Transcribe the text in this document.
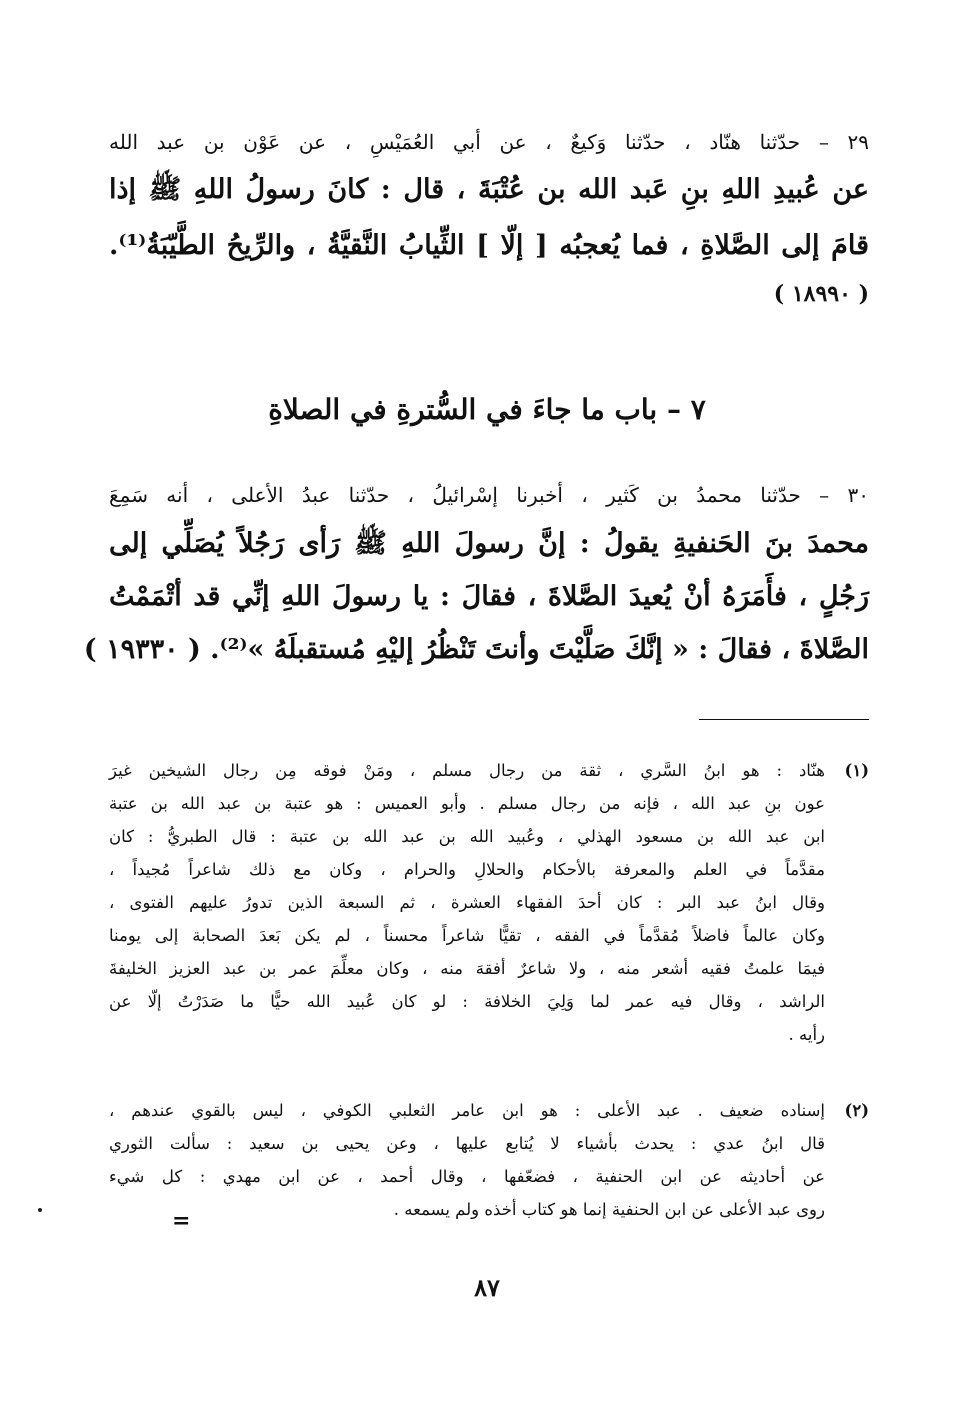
٢٩ – حدّثنا هنّاد ، حدّثنا وَكيعٌ ، عن أبي العُمَيْسِ ، عن عَوْن بن عبد الله
عن عُبيدِ اللهِ بنِ عَبد الله بن عُتْبَةَ ، قال : كانَ رسولُ اللهِ ﷺ إذا
قامَ إلى الصَّلاةِ ، فما يُعجبُه [ إلّا ] الثِّيابُ النَّقيَّةُ ، والرِّيحُ الطَّيّبَةُ⁽¹⁾.
( ١٨٩٩٠ )
٧ – باب ما جاءَ في السُّترةِ في الصلاةِ
٣٠ – حدّثنا محمدُ بن كَثير ، أخبرنا إسْرائيلُ ، حدّثنا عبدُ الأعلى ، أنه سَمِعَ
محمدَ بنَ الحَنفيةِ يقولُ : إنَّ رسولَ اللهِ ﷺ رَأى رَجُلاً يُصَلِّي إلى
رَجُلٍ ، فأَمَرَهُ أنْ يُعيدَ الصَّلاةَ ، فقالَ : يا رسولَ اللهِ إنِّي قد أتْمَمْتُ
الصَّلاةَ ، فقالَ : « إنَّكَ صَلَّيْتَ وأنتَ تَنْظُرُ إليْهِ مُستقبلَهُ »⁽²⁾. ( ١٩٣٣٠ )
(١)
هنّاد : هو ابنُ السَّري ، ثقة من رجال مسلم ، ومَنْ فوقه مِن رجال الشيخين غيرَ
عون بنِ عبد الله ، فإنه من رجال مسلم . وأبو العميس : هو عتبة بن عبد الله بن عتبة
ابن عبد الله بن مسعود الهذلي ، وعُبيد الله بن عبد الله بن عتبة : قال الطبريُّ : كان
مقدَّماً في العلم والمعرفة بالأحكام والحلالِ والحرام ، وكان مع ذلك شاعراً مُجيداً ،
وقال ابنُ عبد البر : كان أحدَ الفقهاء العشرة ، ثم السبعة الذين تدورُ عليهم الفتوى ،
وكان عالماً فاضلاً مُقدَّماً في الفقه ، تقيًّا شاعراً محسناً ، لم يكن بَعدَ الصحابة إلى يومنا
فيمَا علمتُ فقيه أشعر منه ، ولا شاعرٌ أفقهَ منه ، وكان معلِّمَ عمر بن عبد العزيز الخليفةَ
الراشد ، وقال فيه عمر لما وَلِيَ الخلافة : لو كان عُبيد الله حيًّا ما صَدَرْتُ إلّا عن
رأيه .
(٢)
إسناده ضعيف . عبد الأعلى : هو ابن عامر الثعلبي الكوفي ، ليس بالقوي عندهم ،
قال ابنُ عدي : يحدث بأشياء لا يُتابع عليها ، وعن يحيى بن سعيد : سألت الثوري
عن أحاديثه عن ابن الحنفية ، فضعّفها ، وقال أحمد ، عن ابن مهدي : كل شيء
روى عبد الأعلى عن ابن الحنفية إنما هو كتاب أخذه ولم يسمعه .
=
٨٧
